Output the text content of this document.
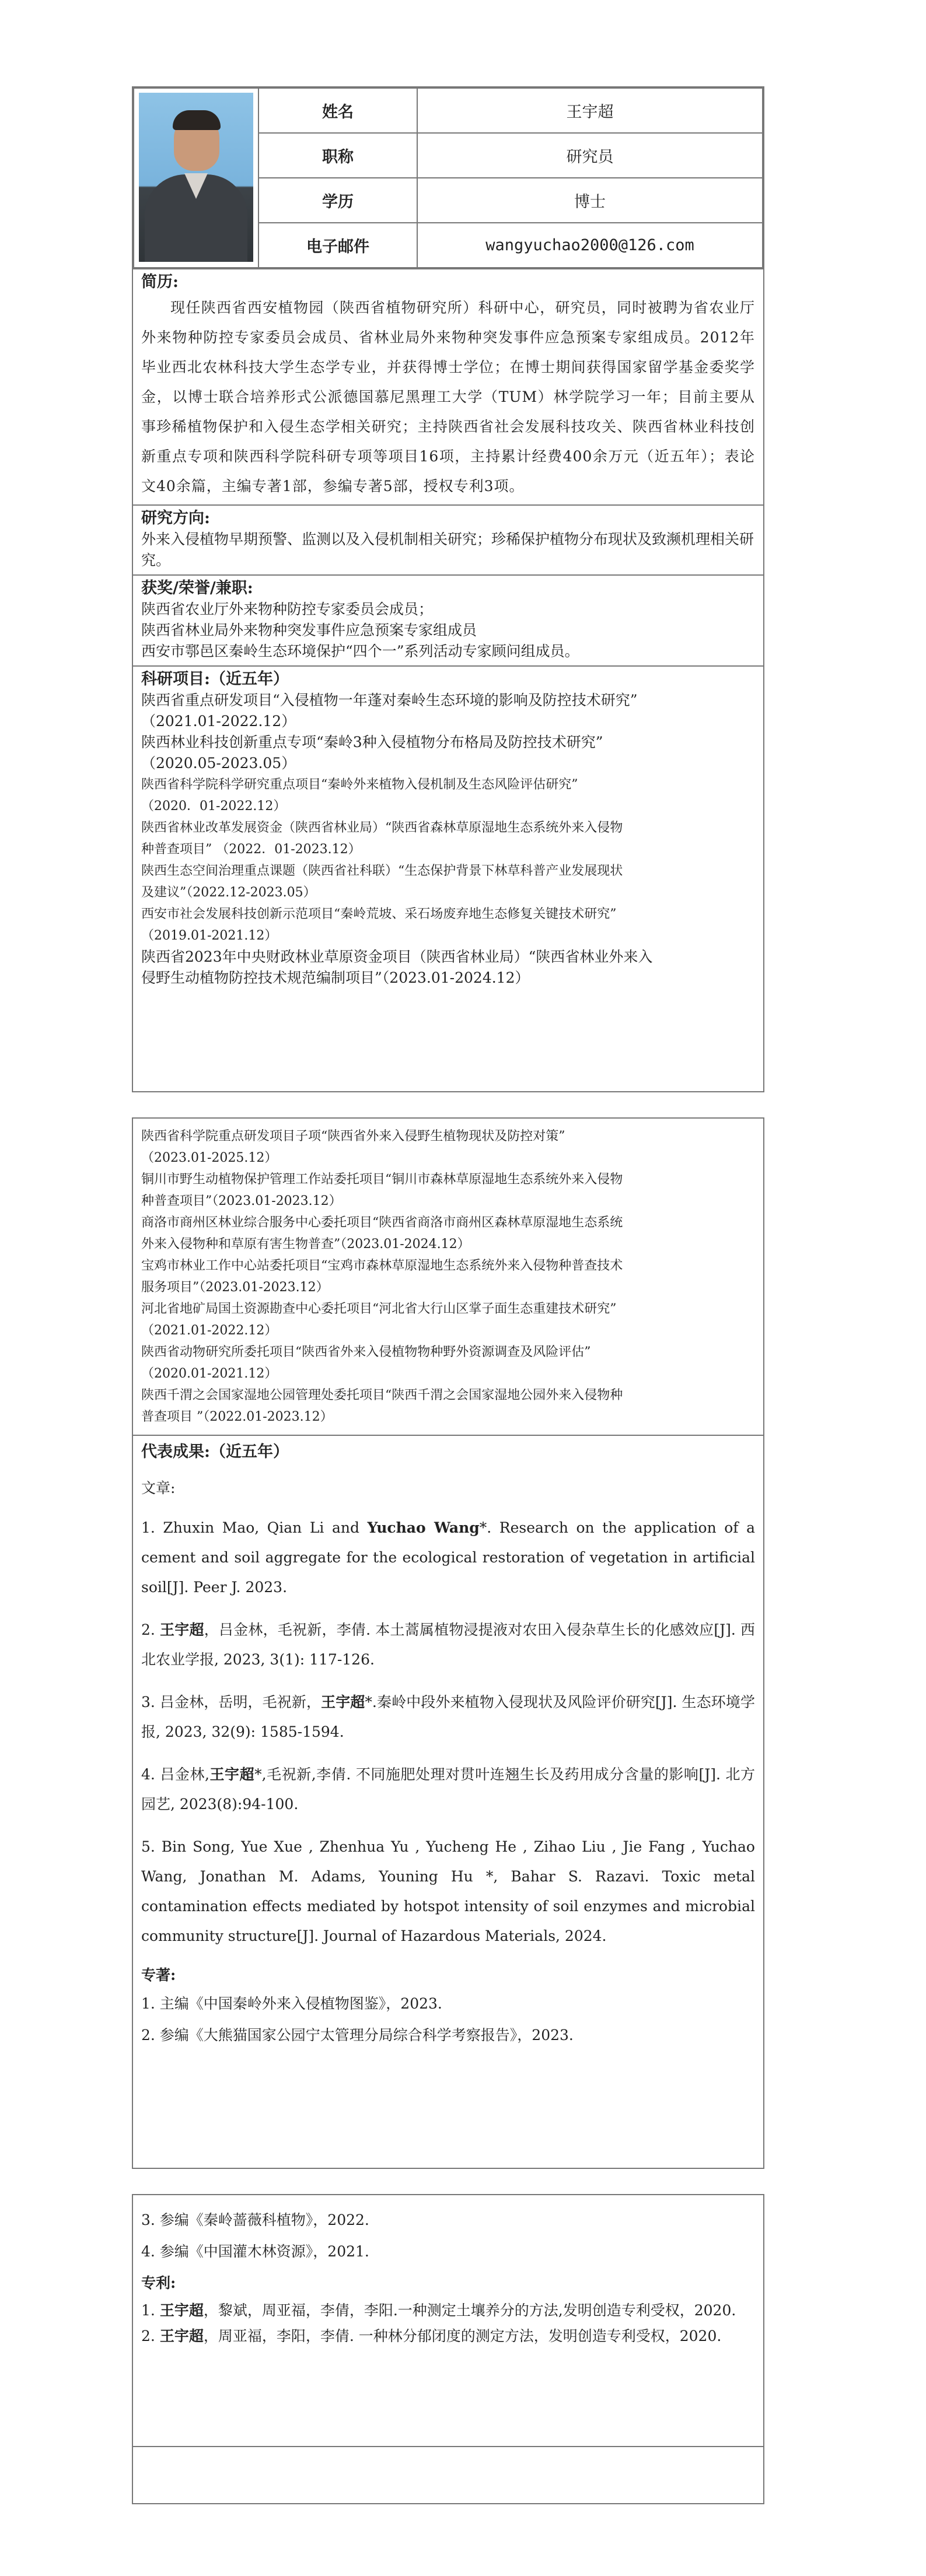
	姓名	王宇超
	职称	研究员
	学历	博士
	电子邮件	wangyuchao2000@126.com
简历:
现任陕西省西安植物园（陕西省植物研究所）科研中心，研究员，同时被聘为省农业厅外来物种防控专家委员会成员、省林业局外来物种突发事件应急预案专家组成员。2012年毕业西北农林科技大学生态学专业，并获得博士学位；在博士期间获得国家留学基金委奖学金，以博士联合培养形式公派德国慕尼黑理工大学（TUM）林学院学习一年；目前主要从事珍稀植物保护和入侵生态学相关研究；主持陕西省社会发展科技攻关、陕西省林业科技创新重点专项和陕西科学院科研专项等项目16项，主持累计经费400余万元（近五年）；表论文40余篇，主编专著1部，参编专著5部，授权专利3项。
研究方向:
外来入侵植物早期预警、监测以及入侵机制相关研究；珍稀保护植物分布现状及致濒机理相关研究。
获奖/荣誉/兼职:
陕西省农业厅外来物种防控专家委员会成员；
陕西省林业局外来物种突发事件应急预案专家组成员
西安市鄠邑区秦岭生态环境保护“四个一”系列活动专家顾问组成员。
科研项目:（近五年）
陕西省重点研发项目“入侵植物一年蓬对秦岭生态环境的影响及防控技术研究”
（2021.01-2022.12）
陕西林业科技创新重点专项“秦岭3种入侵植物分布格局及防控技术研究”
（2020.05-2023.05）
陕西省科学院科学研究重点项目“秦岭外来植物入侵机制及生态风险评估研究”
（2020．01-2022.12）
陕西省林业改革发展资金（陕西省林业局）“陕西省森林草原湿地生态系统外来入侵物
种普查项目” （2022．01-2023.12）
陕西生态空间治理重点课题（陕西省社科联）“生态保护背景下林草科普产业发展现状
及建议”（2022.12-2023.05）
西安市社会发展科技创新示范项目“秦岭荒坡、采石场废弃地生态修复关键技术研究”
（2019.01-2021.12）
陕西省2023年中央财政林业草原资金项目（陕西省林业局）“陕西省林业外来入
侵野生动植物防控技术规范编制项目”（2023.01-2024.12）
陕西省科学院重点研发项目子项“陕西省外来入侵野生植物现状及防控对策”
（2023.01-2025.12）
铜川市野生动植物保护管理工作站委托项目“铜川市森林草原湿地生态系统外来入侵物
种普查项目”（2023.01-2023.12）
商洛市商州区林业综合服务中心委托项目“陕西省商洛市商州区森林草原湿地生态系统
外来入侵物种和草原有害生物普查”（2023.01-2024.12）
宝鸡市林业工作中心站委托项目“宝鸡市森林草原湿地生态系统外来入侵物种普查技术
服务项目”（2023.01-2023.12）
河北省地矿局国土资源勘查中心委托项目“河北省大行山区掌子面生态重建技术研究”
（2021.01-2022.12）
陕西省动物研究所委托项目“陕西省外来入侵植物物种野外资源调查及风险评估”
（2020.01-2021.12）
陕西千渭之会国家湿地公园管理处委托项目“陕西千渭之会国家湿地公园外来入侵物种
普查项目 ”（2022.01-2023.12）
代表成果:（近五年）
文章:
1. Zhuxin Mao, Qian Li and Yuchao Wang*. Research on the application of a cement and soil aggregate for the ecological restoration of vegetation in artificial soil[J]. Peer J. 2023.
2. 王宇超，吕金林，毛祝新，李倩. 本土蒿属植物浸提液对农田入侵杂草生长的化感效应[J]. 西北农业学报, 2023, 3(1): 117-126.
3. 吕金林，岳明，毛祝新，王宇超*.秦岭中段外来植物入侵现状及风险评价研究[J]. 生态环境学报, 2023, 32(9): 1585-1594.
4. 吕金林,王宇超*,毛祝新,李倩. 不同施肥处理对贯叶连翘生长及药用成分含量的影响[J]. 北方园艺, 2023(8):94-100.
5. Bin Song, Yue Xue , Zhenhua Yu , Yucheng He , Zihao Liu , Jie Fang , Yuchao Wang, Jonathan M. Adams, Youning Hu *, Bahar S. Razavi. Toxic metal contamination effects mediated by hotspot intensity of soil enzymes and microbial community structure[J]. Journal of Hazardous Materials, 2024.
专著:
1. 主编《中国秦岭外来入侵植物图鉴》，2023.
2. 参编《大熊猫国家公园宁太管理分局综合科学考察报告》，2023.
3. 参编《秦岭蔷薇科植物》，2022.
4. 参编《中国灌木林资源》，2021.
专利:
1. 王宇超，黎斌，周亚福，李倩，李阳.一种测定土壤养分的方法,发明创造专利受权，2020.
2. 王宇超，周亚福，李阳，李倩. 一种林分郁闭度的测定方法，发明创造专利受权，2020.
